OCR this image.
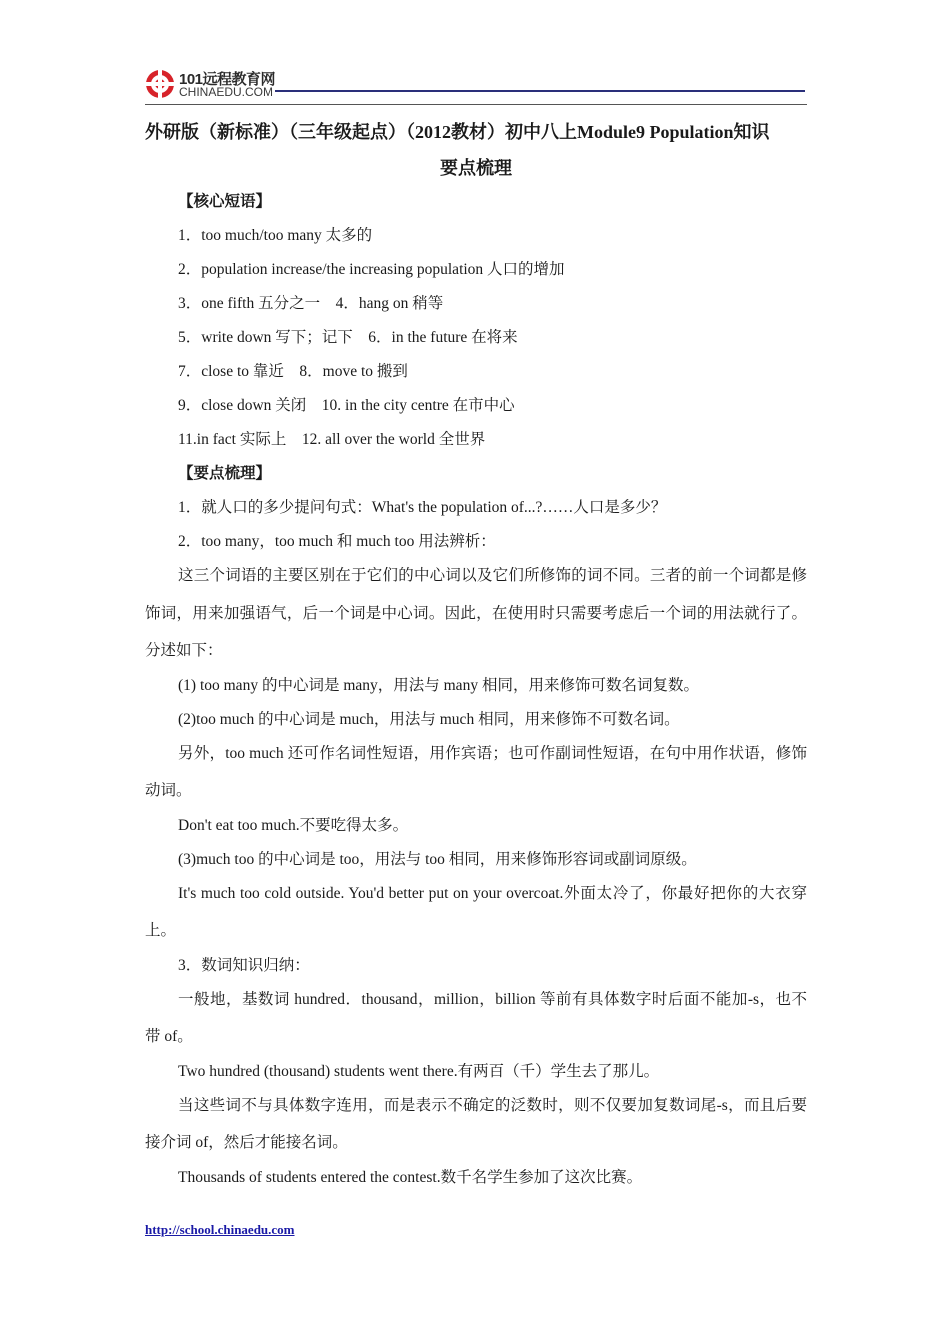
101远程教育网
CHINAEDU.COM
外研版（新标准）（三年级起点）（2012教材）初中八上Module9 Population知识
要点梳理
【核心短语】
1．too much/too many 太多的
2．population increase/the increasing population 人口的增加
3．one fifth 五分之一　4．hang on 稍等
5．write down 写下；记下　6．in the future 在将来
7．close to 靠近　8．move to 搬到
9．close down 关闭　10. in the city centre 在市中心
11.in fact 实际上　12. all over the world 全世界
【要点梳理】
1．就人口的多少提问句式：What's the population of...?……人口是多少？
2．too many，too much 和 much too 用法辨析：

这三个词语的主要区别在于它们的中心词以及它们所修饰的词不同。三者的前一个词都是修饰词，用来加强语气，后一个词是中心词。因此，在使用时只需要考虑后一个词的用法就行了。分述如下：

(1) too many 的中心词是 many，用法与 many 相同，用来修饰可数名词复数。
(2)too much 的中心词是 much，用法与 much 相同，用来修饰不可数名词。

另外，too much 还可作名词性短语，用作宾语；也可作副词性短语，在句中用作状语，修饰动词。

Don't eat too much.不要吃得太多。
(3)much too 的中心词是 too，用法与 too 相同，用来修饰形容词或副词原级。

It's much too cold outside. You'd better put on your overcoat.外面太冷了，你最好把你的大衣穿上。

3．数词知识归纳：

一般地，基数词 hundred．thousand，million，billion 等前有具体数字时后面不能加-s，也不带 of。

Two hundred (thousand) students went there.有两百（千）学生去了那儿。

当这些词不与具体数字连用，而是表示不确定的泛数时，则不仅要加复数词尾-s，而且后要接介词 of，然后才能接名词。

Thousands of students entered the contest.数千名学生参加了这次比赛。
http://school.chinaedu.com
